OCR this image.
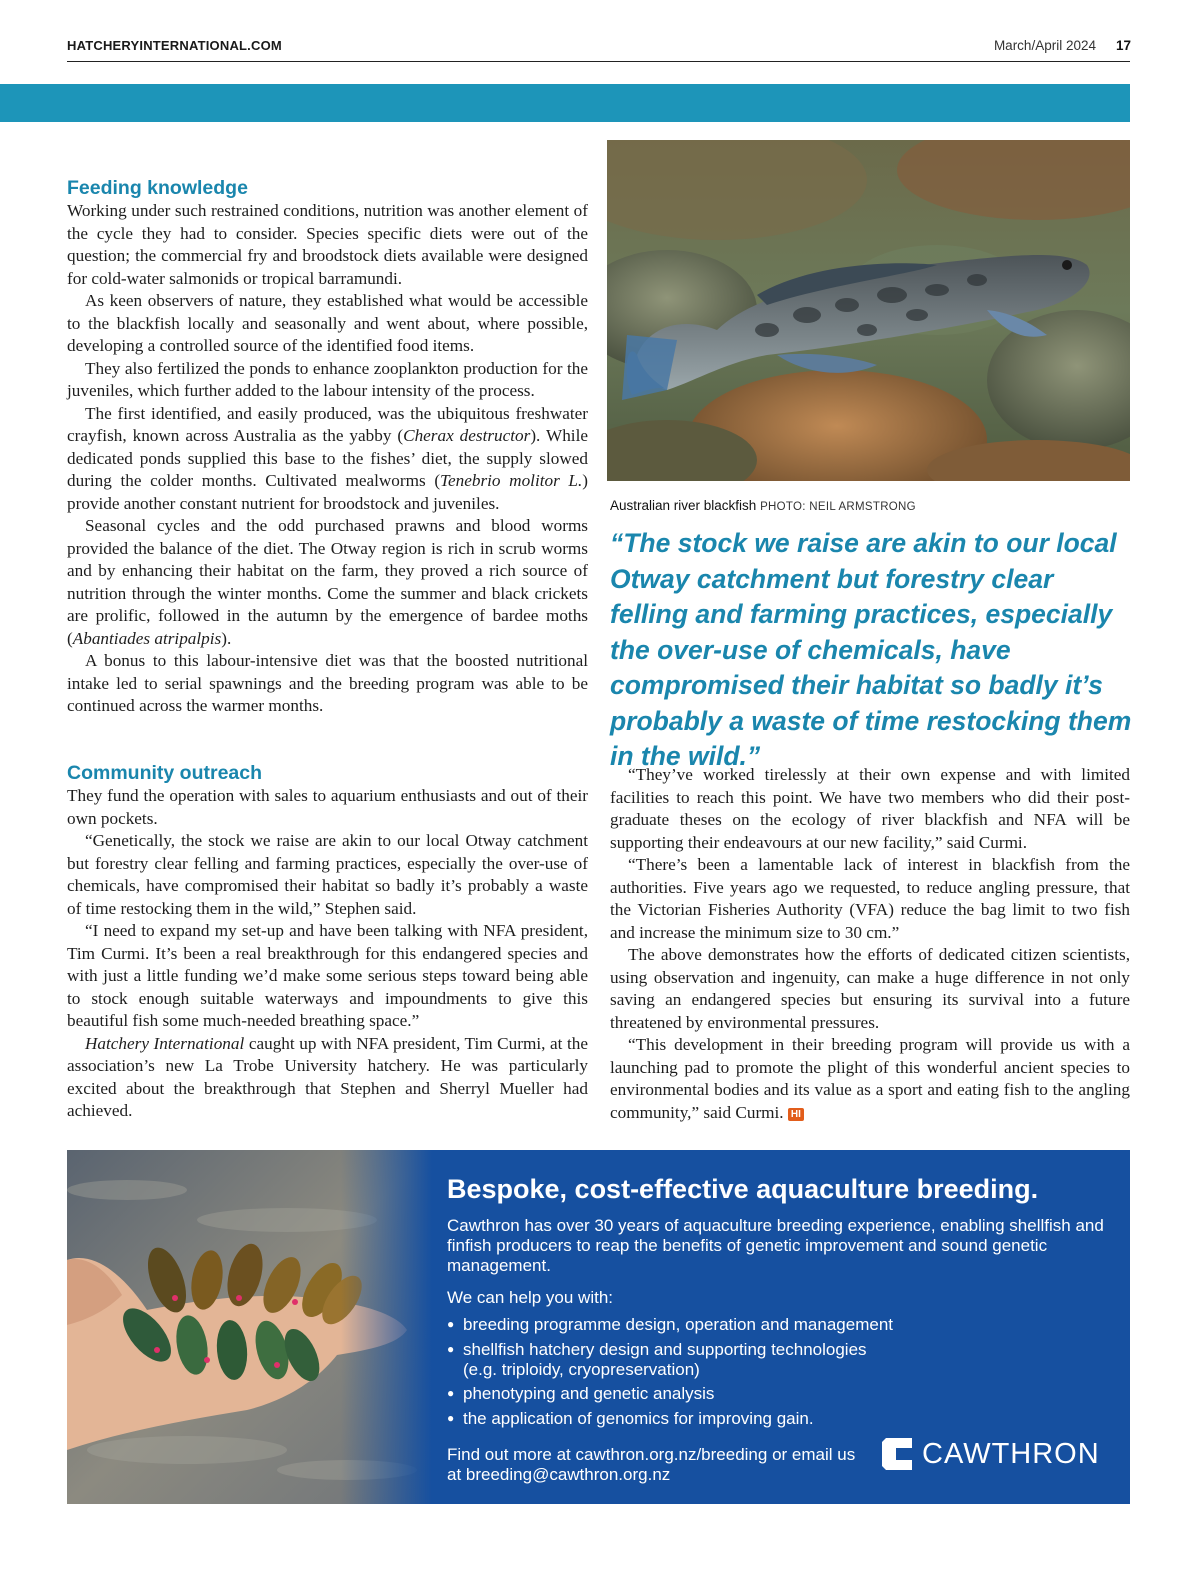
HATCHERYINTERNATIONAL.COM	March/April 2024 17
Feeding knowledge

Working under such restrained conditions, nutrition was another element of the cycle they had to consider. Species specific diets were out of the question; the commercial fry and broodstock diets available were designed for cold-water salmonids or tropical barramundi.

As keen observers of nature, they established what would be accessible to the blackfish locally and seasonally and went about, where possible, developing a controlled source of the identified food items.

They also fertilized the ponds to enhance zooplankton production for the juveniles, which further added to the labour intensity of the process.

The first identified, and easily produced, was the ubiquitous freshwater crayfish, known across Australia as the yabby (Cherax destructor). While dedicated ponds supplied this base to the fishes’ diet, the supply slowed during the colder months. Cultivated mealworms (Tenebrio molitor L.) provide another constant nutrient for broodstock and juveniles.

Seasonal cycles and the odd purchased prawns and blood worms provided the balance of the diet. The Otway region is rich in scrub worms and by enhancing their habitat on the farm, they proved a rich source of nutrition through the winter months. Come the summer and black crickets are prolific, followed in the autumn by the emergence of bardee moths (Abantiades atripalpis).

A bonus to this labour-intensive diet was that the boosted nutritional intake led to serial spawnings and the breeding program was able to be continued across the warmer months.

Community outreach

They fund the operation with sales to aquarium enthusiasts and out of their own pockets.

“Genetically, the stock we raise are akin to our local Otway catchment but forestry clear felling and farming practices, especially the over-use of chemicals, have compromised their habitat so badly it’s probably a waste of time restocking them in the wild,” Stephen said.

“I need to expand my set-up and have been talking with NFA president, Tim Curmi. It’s been a real breakthrough for this endangered species and with just a little funding we’d make some serious steps toward being able to stock enough suitable waterways and impoundments to give this beautiful fish some much-needed breathing space.”

Hatchery International caught up with NFA president, Tim Curmi, at the association’s new La Trobe University hatchery. He was particularly excited about the breakthrough that Stephen and Sherryl Mueller had achieved.

Australian river blackfish PHOTO: NEIL ARMSTRONG
“The stock we raise are akin to our local Otway catchment but forestry clear felling and farming practices, especially the over-use of chemicals, have compromised their habitat so badly it’s probably a waste of time restocking them in the wild.”

“They’ve worked tirelessly at their own expense and with limited facilities to reach this point. We have two members who did their post-graduate theses on the ecology of river blackfish and NFA will be supporting their endeavours at our new facility,” said Curmi.

“There’s been a lamentable lack of interest in blackfish from the authorities. Five years ago we requested, to reduce angling pressure, that the Victorian Fisheries Authority (VFA) reduce the bag limit to two fish and increase the minimum size to 30 cm.”

The above demonstrates how the efforts of dedicated citizen scientists, using observation and ingenuity, can make a huge difference in not only saving an endangered species but ensuring its survival into a future threatened by environmental pressures.

“This development in their breeding program will provide us with a launching pad to promote the plight of this wonderful ancient species to environmental bodies and its value as a sport and eating fish to the angling community,” said Curmi. HI

Bespoke, cost-effective aquaculture breeding.

Cawthron has over 30 years of aquaculture breeding experience, enabling shellfish and finfish producers to reap the benefits of genetic improvement and sound genetic management.

We can help you with:

● breeding programme design, operation and management
● shellfish hatchery design and supporting technologies
(e.g. triploidy, cryopreservation)
● phenotyping and genetic analysis
● the application of genomics for improving gain.
Find out more at cawthron.org.nz/breeding or email us at breeding@cawthron.org.nz
CAWTHRON
